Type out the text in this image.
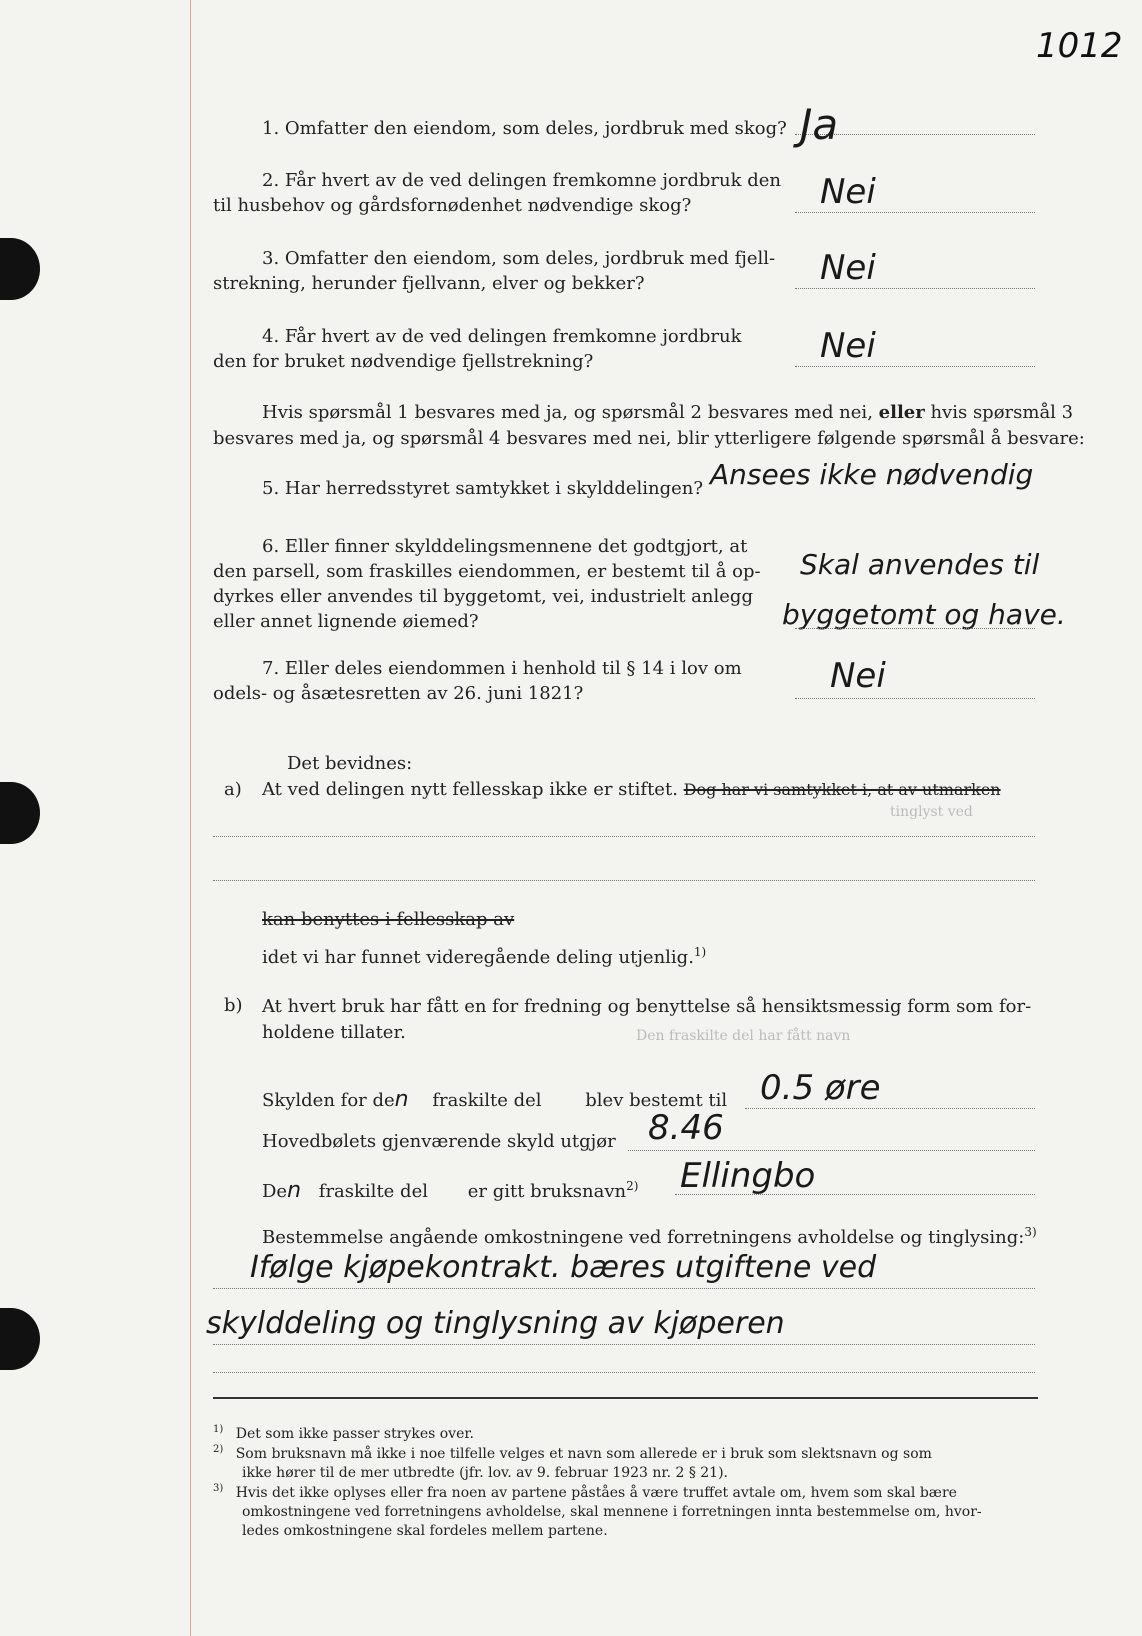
1012
1. Omfatter den eiendom, som deles, jordbruk med skog? Ja
2. Får hvert av de ved delingen fremkomne jordbruk den
til husbehov og gårdsfornødenhet nødvendige skog?	Nei
3. Omfatter den eiendom, som deles, jordbruk med fjell-
strekning, herunder fjellvann, elver og bekker?	Nei
4. Får hvert av de ved delingen fremkomne jordbruk
den for bruket nødvendige fjellstrekning?	Nei
Hvis spørsmål 1 besvares med ja, og spørsmål 2 besvares med nei, eller hvis spørsmål 3
besvares med ja, og spørsmål 4 besvares med nei, blir ytterligere følgende spørsmål å besvare:
5. Har herredsstyret samtykket i skylddelingen? Ansees ikke nødvendig
6. Eller finner skylddelingsmennene det godtgjort, at
den parsell, som fraskilles eiendommen, er bestemt til å op-
dyrkes eller anvendes til byggetomt, vei, industrielt anlegg
eller annet lignende øiemed?
Skal anvendes til
byggetomt og have.
7. Eller deles eiendommen i henhold til § 14 i lov om
odels- og åsætesretten av 26. juni 1821?	Nei
Det bevidnes:
a) At ved delingen nytt fellesskap ikke er stiftet. Dog har vi samtykket i, at av utmarken
tinglyst ved
kan benyttes i fellesskap av
idet vi har funnet videregående deling utjenlig.$^{1)}$
b) At hvert bruk har fått en for fredning og benyttelse så hensiktsmessig form som for-
holdene tillater.	Den fraskilte del har fått navn
Skylden for den fraskilte del blev bestemt til 0.5 øre
Hovedbølets gjenværende skyld utgjør 8.46
Den fraskilte del er gitt bruksnavn$^{2)}$ Ellingbo
Bestemmelse angående omkostningene ved forretningens avholdelse og tinglysing:$^{3)}$
Ifølge kjøpekontrakt. bæres utgiftene ved
skylddeling og tinglysning av kjøperen
$^{1)}$ Det som ikke passer strykes over.
$^{2)}$ Som bruksnavn må ikke i noe tilfelle velges et navn som allerede er i bruk som slektsnavn og som
ikke hører til de mer utbredte (jfr. lov. av 9. februar 1923 nr. 2 § 21).
$^{3)}$ Hvis det ikke oplyses eller fra noen av partene påståes å være truffet avtale om, hvem som skal bære
omkostningene ved forretningens avholdelse, skal mennene i forretningen innta bestemmelse om, hvor-
ledes omkostningene skal fordeles mellem partene.
